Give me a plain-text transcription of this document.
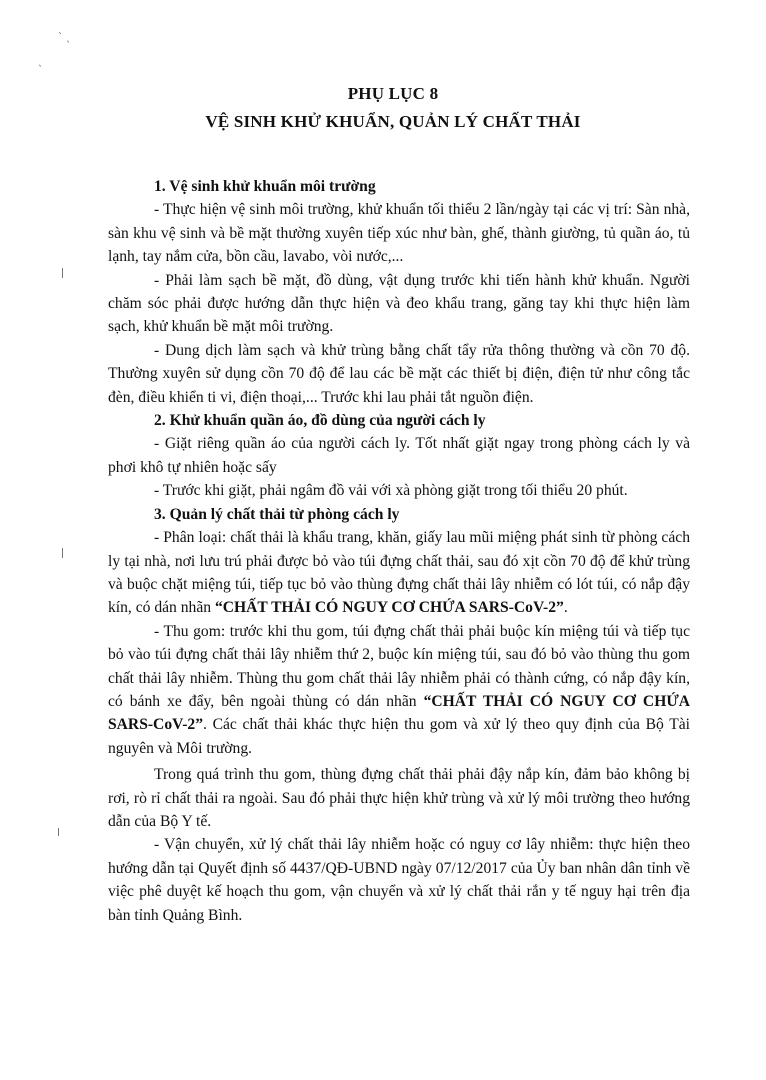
ˋ ˎ
ˎ
PHỤ LỤC 8
VỆ SINH KHỬ KHUẨN, QUẢN LÝ CHẤT THẢI

1. Vệ sinh khử khuẩn môi trường

- Thực hiện vệ sinh môi trường, khử khuẩn tối thiểu 2 lần/ngày tại các vị trí: Sàn nhà, sàn khu vệ sinh và bề mặt thường xuyên tiếp xúc như bàn, ghế, thành giường, tủ quần áo, tủ lạnh, tay nắm cửa, bồn cầu, lavabo, vòi nước,...

- Phải làm sạch bề mặt, đồ dùng, vật dụng trước khi tiến hành khử khuẩn. Người chăm sóc phải được hướng dẫn thực hiện và đeo khẩu trang, găng tay khi thực hiện làm sạch, khử khuẩn bề mặt môi trường.

- Dung dịch làm sạch và khử trùng bằng chất tẩy rửa thông thường và cồn 70 độ. Thường xuyên sử dụng cồn 70 độ để lau các bề mặt các thiết bị điện, điện tử như công tắc đèn, điều khiển ti vi, điện thoại,... Trước khi lau phải tắt nguồn điện.

2. Khử khuẩn quần áo, đồ dùng của người cách ly

- Giặt riêng quần áo của người cách ly. Tốt nhất giặt ngay trong phòng cách ly và phơi khô tự nhiên hoặc sấy

- Trước khi giặt, phải ngâm đồ vải với xà phòng giặt trong tối thiểu 20 phút.

3. Quản lý chất thải từ phòng cách ly

- Phân loại: chất thải là khẩu trang, khăn, giấy lau mũi miệng phát sinh từ phòng cách ly tại nhà, nơi lưu trú phải được bỏ vào túi đựng chất thải, sau đó xịt cồn 70 độ để khử trùng và buộc chặt miệng túi, tiếp tục bỏ vào thùng đựng chất thải lây nhiễm có lót túi, có nắp đậy kín, có dán nhãn “CHẤT THẢI CÓ NGUY CƠ CHỨA SARS-CoV-2”.

- Thu gom: trước khi thu gom, túi đựng chất thải phải buộc kín miệng túi và tiếp tục bỏ vào túi đựng chất thải lây nhiễm thứ 2, buộc kín miệng túi, sau đó bỏ vào thùng thu gom chất thải lây nhiễm. Thùng thu gom chất thải lây nhiễm phải có thành cứng, có nắp đậy kín, có bánh xe đẩy, bên ngoài thùng có dán nhãn “CHẤT THẢI CÓ NGUY CƠ CHỨA SARS-CoV-2”. Các chất thải khác thực hiện thu gom và xử lý theo quy định của Bộ Tài nguyên và Môi trường.

Trong quá trình thu gom, thùng đựng chất thải phải đậy nắp kín, đảm bảo không bị rơi, rò rỉ chất thải ra ngoài. Sau đó phải thực hiện khử trùng và xử lý môi trường theo hướng dẫn của Bộ Y tế.

- Vận chuyển, xử lý chất thải lây nhiễm hoặc có nguy cơ lây nhiễm: thực hiện theo hướng dẫn tại Quyết định số 4437/QĐ-UBND ngày 07/12/2017 của Ủy ban nhân dân tỉnh về việc phê duyệt kế hoạch thu gom, vận chuyển và xử lý chất thải rắn y tế nguy hại trên địa bàn tỉnh Quảng Bình.
